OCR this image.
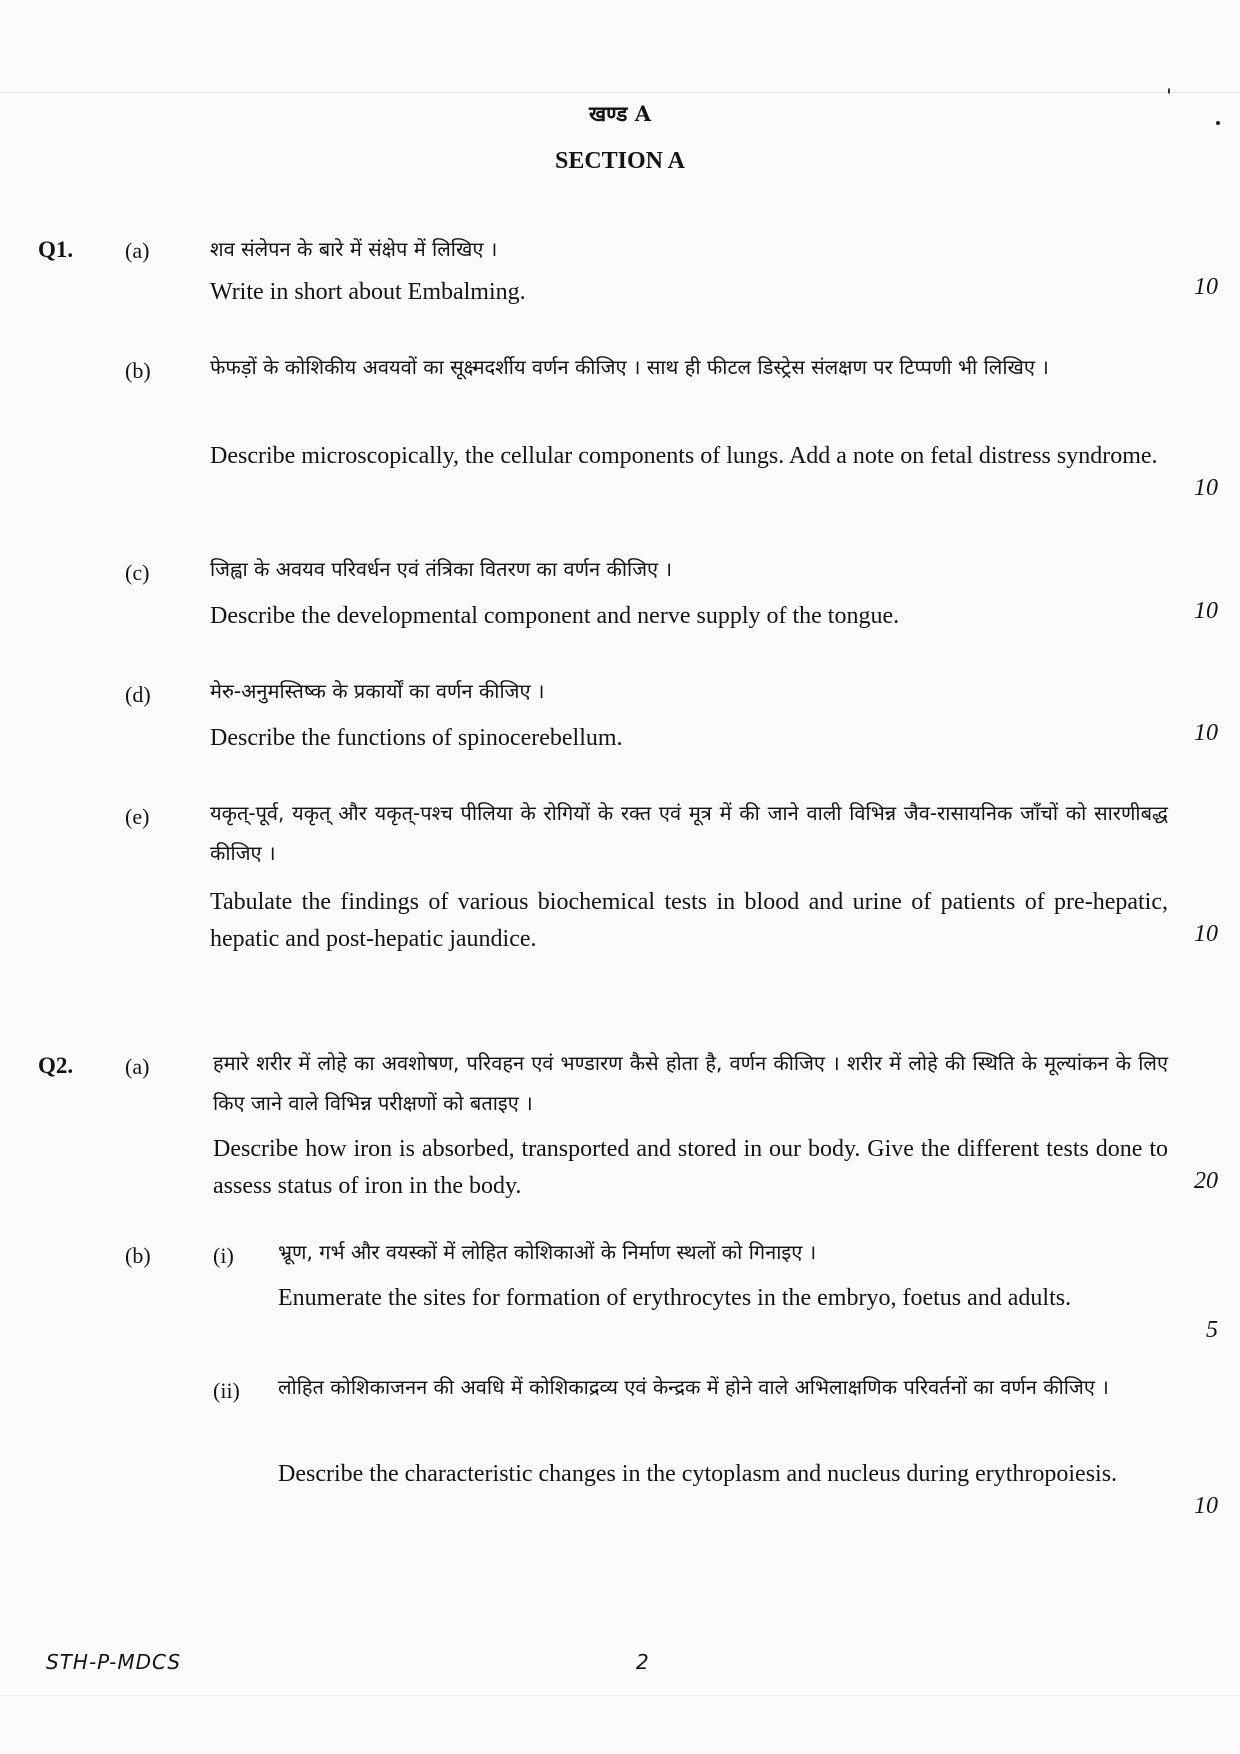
खण्ड A
SECTION A
Q1. (a)	शव संलेपन के बारे में संक्षेप में लिखिए ।
Write in short about Embalming.	10
(b)	फेफड़ों के कोशिकीय अवयवों का सूक्ष्मदर्शीय वर्णन कीजिए । साथ ही फीटल डिस्ट्रेस संलक्षण पर टिप्पणी भी लिखिए ।
Describe microscopically, the cellular components of lungs. Add a note on fetal distress syndrome.
10
(c)	जिह्वा के अवयव परिवर्धन एवं तंत्रिका वितरण का वर्णन कीजिए ।
Describe the developmental component and nerve supply of the tongue.	10
(d)	मेरु-अनुमस्तिष्क के प्रकार्यों का वर्णन कीजिए ।
Describe the functions of spinocerebellum.	10
(e)	यकृत्-पूर्व, यकृत् और यकृत्-पश्च पीलिया के रोगियों के रक्त एवं मूत्र में की जाने वाली विभिन्न जैव-रासायनिक जाँचों को सारणीबद्ध कीजिए ।
Tabulate the findings of various biochemical tests in blood and urine of patients of pre-hepatic, hepatic and post-hepatic jaundice.	10
Q2. (a)	हमारे शरीर में लोहे का अवशोषण, परिवहन एवं भण्डारण कैसे होता है, वर्णन कीजिए । शरीर में लोहे की स्थिति के मूल्यांकन के लिए किए जाने वाले विभिन्न परीक्षणों को बताइए ।
Describe how iron is absorbed, transported and stored in our body. Give the different tests done to assess status of iron in the body.	20
(b)	(i) भ्रूण, गर्भ और वयस्कों में लोहित कोशिकाओं के निर्माण स्थलों को गिनाइए ।
Enumerate the sites for formation of erythrocytes in the embryo, foetus and adults.
5
(ii) लोहित कोशिकाजनन की अवधि में कोशिकाद्रव्य एवं केन्द्रक में होने वाले अभिलाक्षणिक परिवर्तनों का वर्णन कीजिए ।
Describe the characteristic changes in the cytoplasm and nucleus during erythropoiesis.
10
STH-P-MDCS	2
